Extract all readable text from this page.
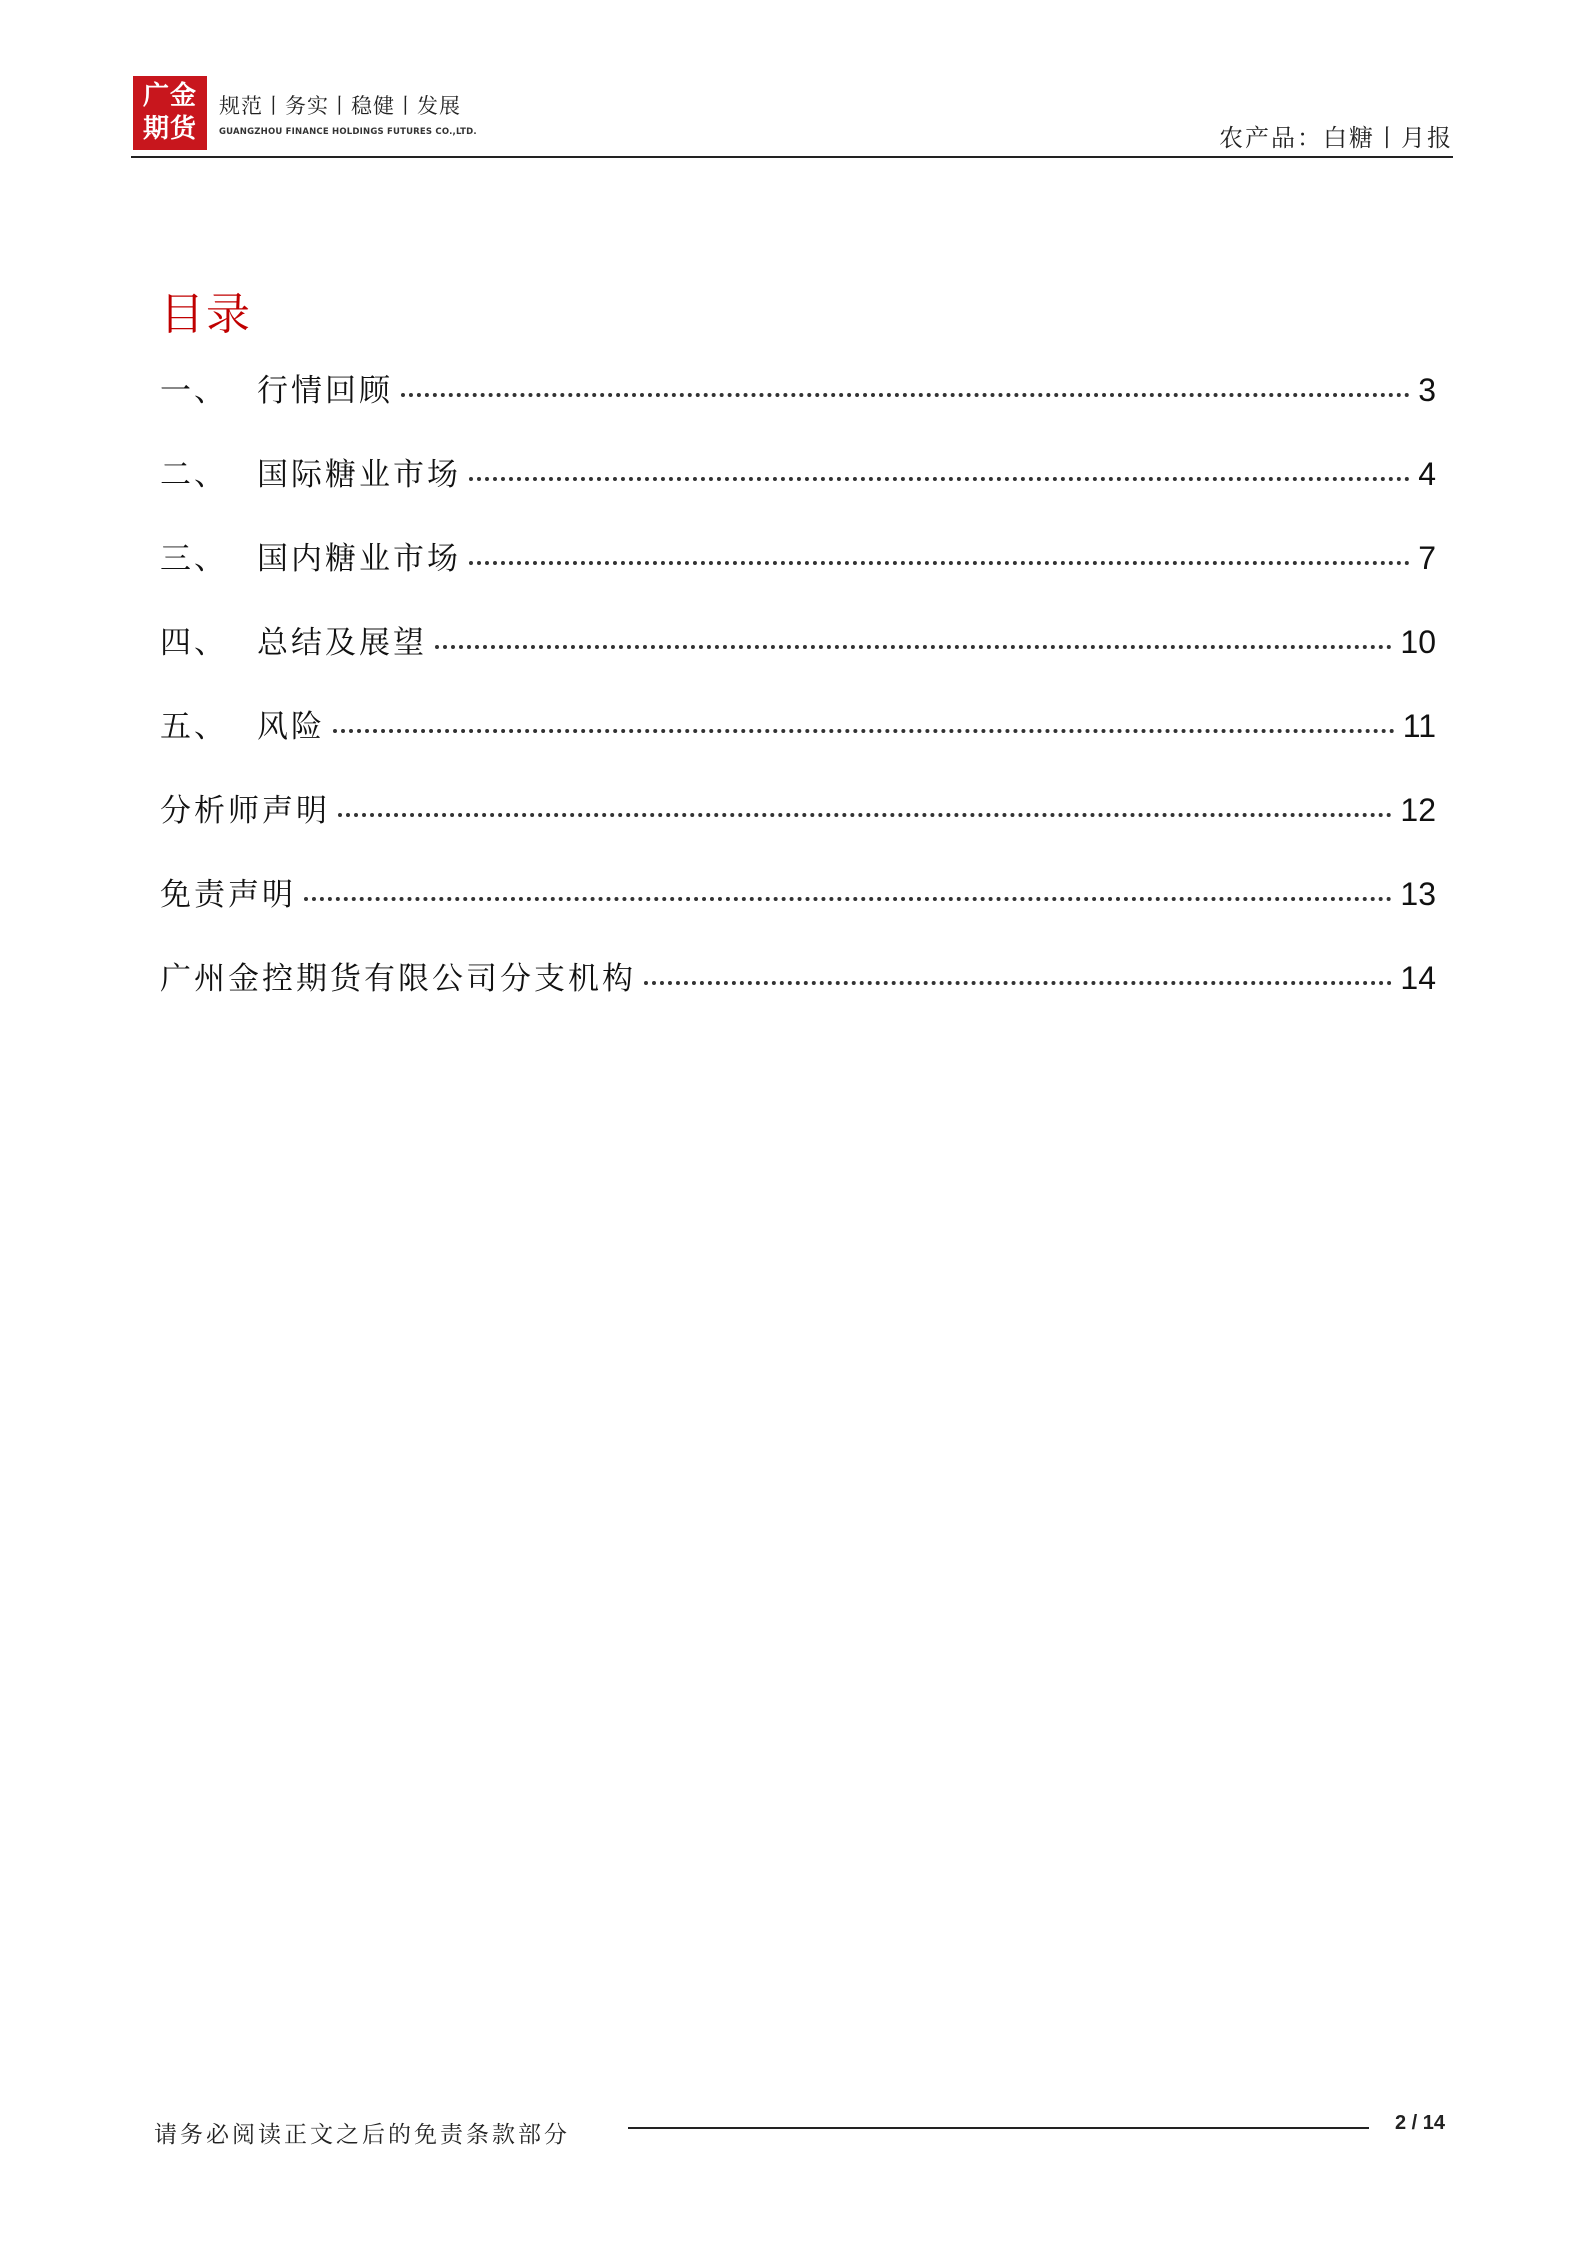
广金
期货
规范丨务实丨稳健丨发展
GUANGZHOU FINANCE HOLDINGS FUTURES CO.,LTD.	农产品：白糖丨月报
目录
一、 行情回顾	3
二、 国际糖业市场	4
三、 国内糖业市场	7
四、 总结及展望	10
五、 风险	11
分析师声明	12
免责声明	13
广州金控期货有限公司分支机构	14
请务必阅读正文之后的免责条款部分	2 / 14
